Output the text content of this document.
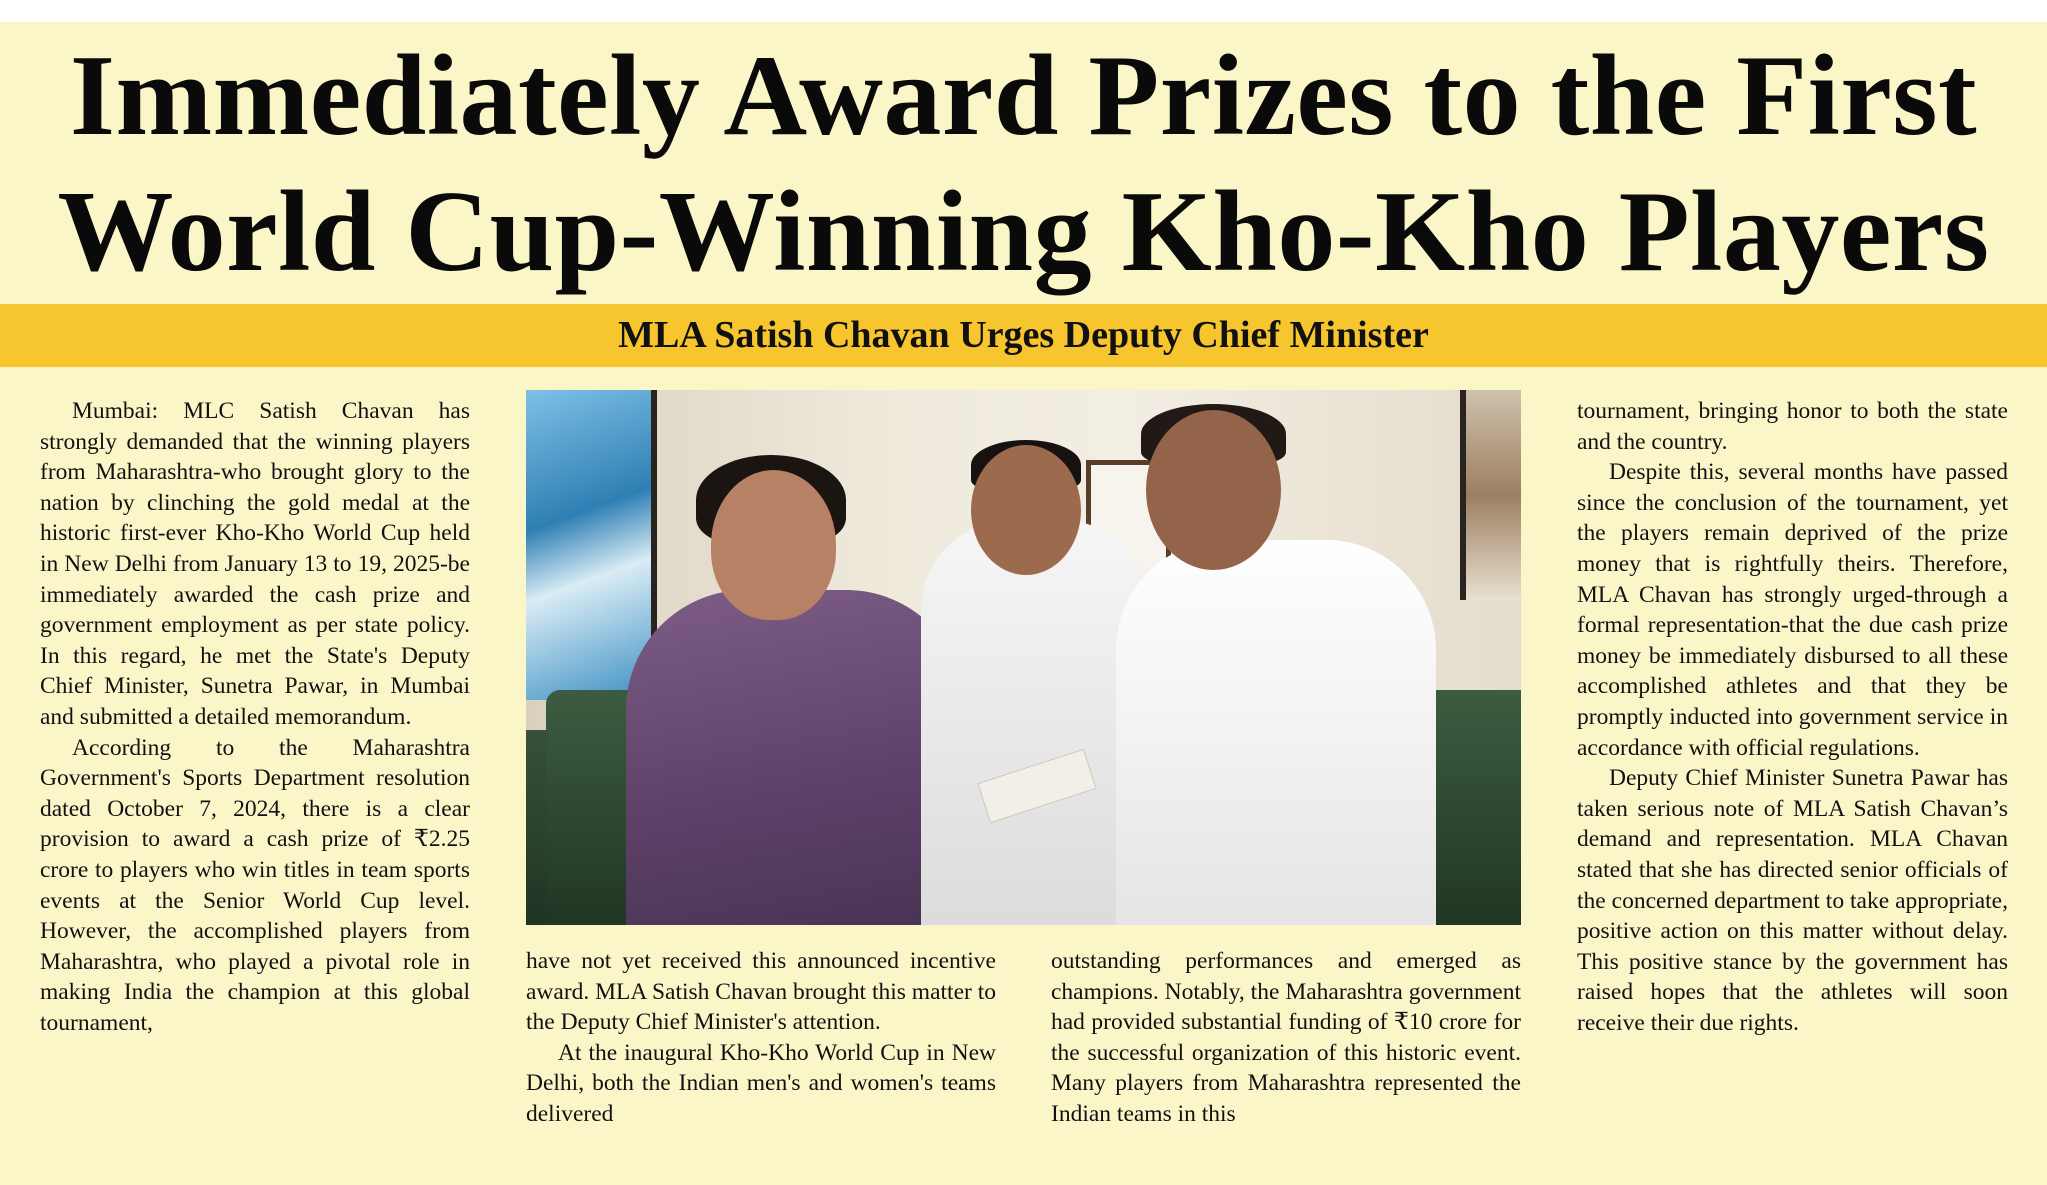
Immediately Award Prizes to the First
World Cup-Winning Kho-Kho Players
MLA Satish Chavan Urges Deputy Chief Minister

Mumbai: MLC Satish Chavan has strongly demanded that the winning players from Maharashtra-who brought glory to the nation by clinching the gold medal at the historic first-ever Kho-Kho World Cup held in New Delhi from January 13 to 19, 2025-be immediately awarded the cash prize and government employment as per state policy. In this regard, he met the State's Deputy Chief Minister, Sunetra Pawar, in Mumbai and submitted a detailed memorandum.

According to the Maharashtra Government's Sports Department resolution dated October 7, 2024, there is a clear provision to award a cash prize of ₹2.25 crore to players who win titles in team sports events at the Senior World Cup level. However, the accomplished players from Maharashtra, who played a pivotal role in making India the champion at this global tournament,

have not yet received this announced incentive award. MLA Satish Chavan brought this matter to the Deputy Chief Minister's attention.

At the inaugural Kho-Kho World Cup in New Delhi, both the Indian men's and women's teams delivered

outstanding performances and emerged as champions. Notably, the Maharashtra government had provided substantial funding of ₹10 crore for the successful organization of this historic event. Many players from Maharashtra represented the Indian teams in this

tournament, bringing honor to both the state and the country.

Despite this, several months have passed since the conclusion of the tournament, yet the players remain deprived of the prize money that is rightfully theirs. Therefore, MLA Chavan has strongly urged-through a formal representation-that the due cash prize money be immediately disbursed to all these accomplished athletes and that they be promptly inducted into government service in accordance with official regulations.

Deputy Chief Minister Sunetra Pawar has taken serious note of MLA Satish Chavan’s demand and representation. MLA Chavan stated that she has directed senior officials of the concerned department to take appropriate, positive action on this matter without delay. This positive stance by the government has raised hopes that the athletes will soon receive their due rights.
